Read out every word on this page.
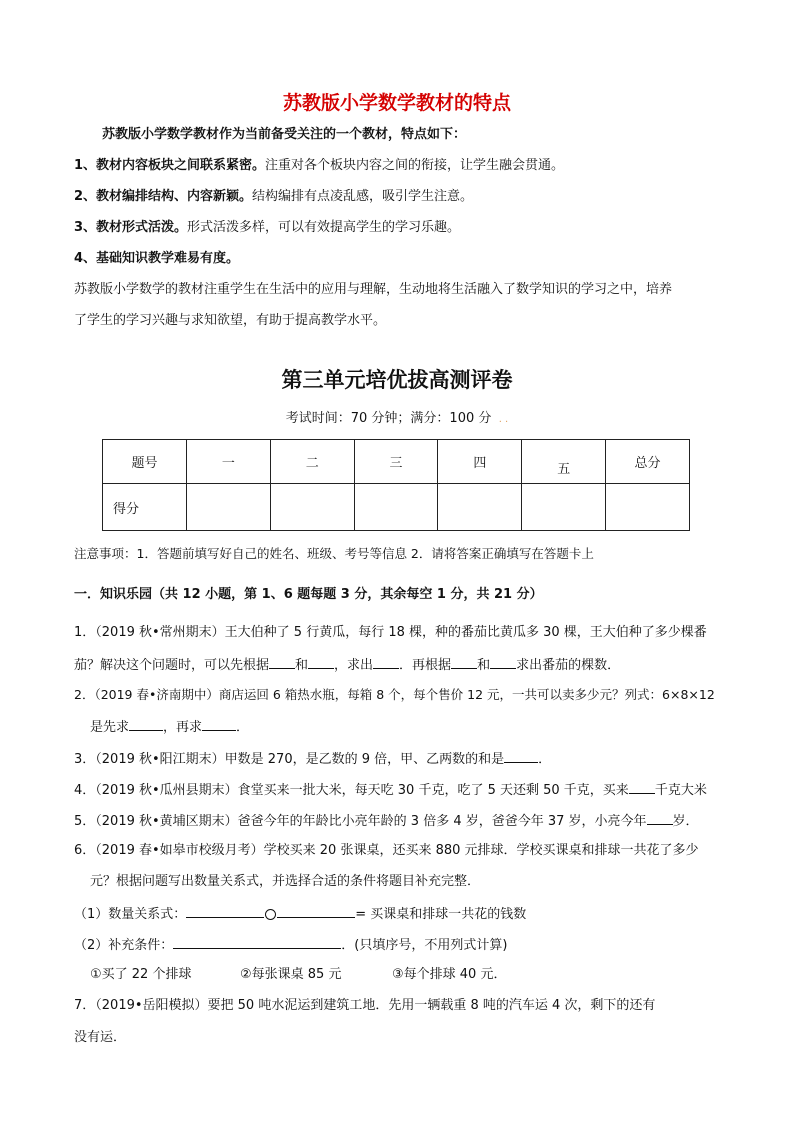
苏教版小学数学教材的特点
苏教版小学数学教材作为当前备受关注的一个教材，特点如下：
1、教材内容板块之间联系紧密。注重对各个板块内容之间的衔接，让学生融会贯通。
2、教材编排结构、内容新颖。结构编排有点凌乱感，吸引学生注意。
3、教材形式活泼。形式活泼多样，可以有效提高学生的学习乐趣。
4、基础知识教学难易有度。
苏教版小学数学的教材注重学生在生活中的应用与理解，生动地将生活融入了数学知识的学习之中，培养
了学生的学习兴趣与求知欲望，有助于提高教学水平。
第三单元培优拔高测评卷
考试时间：70 分钟；满分：100 分  . .
题号	一	二	三	四	五	总分
得分						
注意事项：1．答题前填写好自己的姓名、班级、考号等信息 2．请将答案正确填写在答题卡上
一．知识乐园（共 12 小题，第 1、6 题每题 3 分，其余每空 1 分，共 21 分）
1．（2019 秋•常州期末）王大伯种了 5 行黄瓜，每行 18 棵，种的番茄比黄瓜多 30 棵，王大伯种了多少棵番
茄？解决这个问题时，可以先根据 和 ，求出 ．再根据 和 求出番茄的棵数．
2．（2019 春•济南期中）商店运回 6 箱热水瓶，每箱 8 个，每个售价 12 元，一共可以卖多少元？列式：6×8×12
是先求	，再求	．
3．（2019 秋•阳江期末）甲数是 270，是乙数的 9 倍，甲、乙两数的和是	．
4．（2019 秋•瓜州县期末）食堂买来一批大米，每天吃 30 千克，吃了 5 天还剩 50 千克，买来 千克大米
5．（2019 秋•黄埔区期末）爸爸今年的年龄比小亮年龄的 3 倍多 4 岁，爸爸今年 37 岁，小亮今年 岁．
6．（2019 春•如皋市校级月考）学校买来 20 张课桌，还买来 880 元排球．学校买课桌和排球一共花了多少
元？根据问题写出数量关系式，并选择合适的条件将题目补充完整．
（1）数量关系式：	= 买课桌和排球一共花的钱数
（2）补充条件：	．(只填序号，不用列式计算)
①买了 22 个排球	②每张课桌 85 元	③每个排球 40 元．
7．（2019•岳阳模拟）要把 50 吨水泥运到建筑工地．先用一辆载重 8 吨的汽车运 4 次，剩下的还有
没有运．
